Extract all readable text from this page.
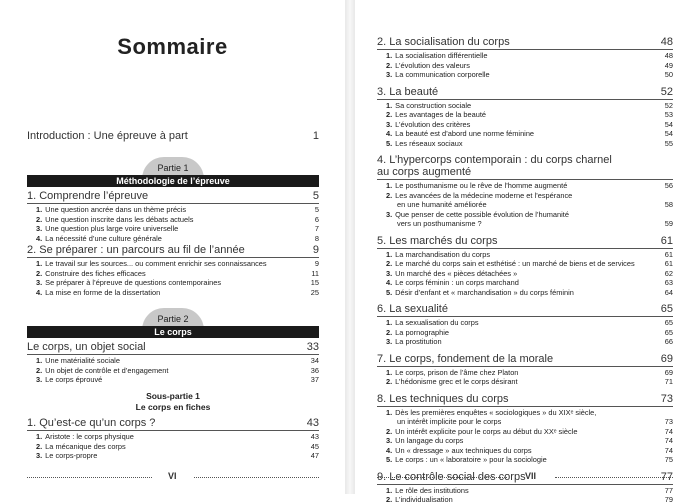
Sommaire
Introduction : Une épreuve à part	1
Partie 1
Méthodologie de l’épreuve
1. Comprendre l’épreuve	5
1. Une question ancrée dans un thème précis	5
2. Une question inscrite dans les débats actuels	6
3. Une question plus large voire universelle	7
4. La nécessité d’une culture générale	8
2. Se préparer : un parcours au fil de l’année	9
1. Le travail sur les sources... ou comment enrichir ses connaissances	9
2. Construire des fiches efficaces	11
3. Se préparer à l’épreuve de questions contemporaines	15
4. La mise en forme de la dissertation	25
Partie 2
Le corps
Le corps, un objet social	33
1. Une matérialité sociale	34
2. Un objet de contrôle et d’engagement	36
3. Le corps éprouvé	37
Sous-partie 1
Le corps en fiches
1. Qu’est-ce qu’un corps ?	43
1. Aristote : le corps physique	43
2. La mécanique des corps	45
3. Le corps-propre	47
VI
2. La socialisation du corps	48
1. La socialisation différentielle	48
2. L’évolution des valeurs	49
3. La communication corporelle	50
3. La beauté	52
1. Sa construction sociale	52
2. Les avantages de la beauté	53
3. L’évolution des critères	54
4. La beauté est d’abord une norme féminine	54
5. Les réseaux sociaux	55
4. L’hypercorps contemporain : du corps charnel
au corps augmenté
1. Le posthumanisme ou le rêve de l’homme augmenté	56
2. Les avancées de la médecine moderne et l’espérance
en une humanité améliorée	58
3. Que penser de cette possible évolution de l’humanité
vers un posthumanisme ?	59
5. Les marchés du corps	61
1. La marchandisation du corps	61
2. Le marché du corps sain et esthétisé : un marché de biens et de services	61
3. Un marché des « pièces détachées »	62
4. Le corps féminin : un corps marchand	63
5. Désir d’enfant et « marchandisation » du corps féminin	64
6. La sexualité	65
1. La sexualisation du corps	65
2. La pornographie	65
3. La prostitution	66
7. Le corps, fondement de la morale	69
1. Le corps, prison de l’âme chez Platon	69
2. L’hédonisme grec et le corps désirant	71
8. Les techniques du corps	73
1. Dès les premières enquêtes « sociologiques » du XIXᵉ siècle,
un intérêt implicite pour le corps	73
2. Un intérêt explicite pour le corps au début du XXᵉ siècle	74
3. Un langage du corps	74
4. Un « dressage » aux techniques du corps	74
5. Le corps : un « laboratoire » pour la sociologie	75
9. Le contrôle social des corps	77
1. Le rôle des institutions	77
2. L’individualisation	79
VII
